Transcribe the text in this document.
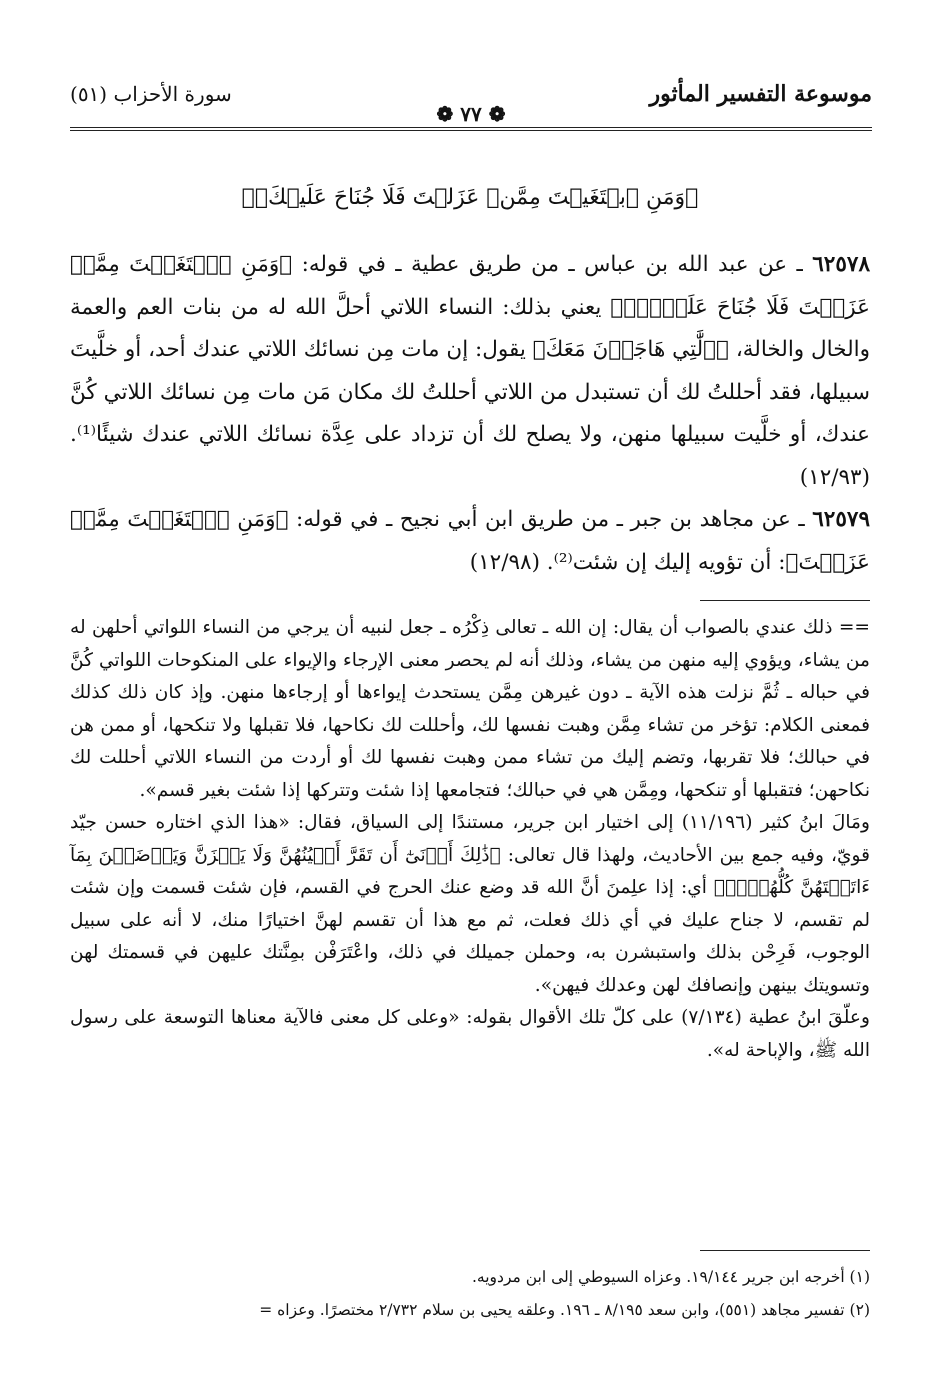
موسوعة التفسير المأثور
سورة الأحزاب (٥١)
❁ ٧٧ ❁
﴿وَمَنِ ٱبۡتَغَيۡتَ مِمَّنۡ عَزَلۡتَ فَلَا جُنَاحَ عَلَيۡكَۚ﴾

٦٢٥٧٨ ـ عن عبد الله بن عباس ـ من طريق عطية ـ في قوله: ﴿وَمَنِ ٱبۡتَغَيۡتَ مِمَّنۡ عَزَلۡتَ فَلَا جُنَاحَ عَلَيۡكَۚ﴾ يعني بذلك: النساء اللاتي أحلَّ الله له من بنات العم والعمة والخال والخالة، ﴿ٱلَّٰتِي هَاجَرۡنَ مَعَكَ﴾ يقول: إن مات مِن نسائك اللاتي عندك أحد، أو خلَّيتَ سبيلها، فقد أحللتُ لك أن تستبدل من اللاتي أحللتُ لك مكان مَن مات مِن نسائك اللاتي كُنَّ عندك، أو خلَّيت سبيلها منهن، ولا يصلح لك أن تزداد على عِدَّة نسائك اللاتي عندك شيئًا⁽¹⁾. (١٢/٩٣)

٦٢٥٧٩ ـ عن مجاهد بن جبر ـ من طريق ابن أبي نجيح ـ في قوله: ﴿وَمَنِ ٱبۡتَغَيۡتَ مِمَّنۡ عَزَلۡتَ﴾: أن تؤويه إليك إن شئت⁽²⁾. (١٢/٩٨)

== ذلك عندي بالصواب أن يقال: إن الله ـ تعالى ذِكْرُه ـ جعل لنبيه أن يرجي من النساء اللواتي أحلهن له من يشاء، ويؤوي إليه منهن من يشاء، وذلك أنه لم يحصر معنى الإرجاء والإيواء على المنكوحات اللواتي كُنَّ في حباله ـ ثُمَّ نزلت هذه الآية ـ دون غيرهن مِمَّن يستحدث إيواءها أو إرجاءها منهن. وإذ كان ذلك كذلك فمعنى الكلام: تؤخر من تشاء مِمَّن وهبت نفسها لك، وأحللت لك نكاحها، فلا تقبلها ولا تنكحها، أو ممن هن في حبالك؛ فلا تقربها، وتضم إليك من تشاء ممن وهبت نفسها لك أو أردت من النساء اللاتي أحللت لك نكاحهن؛ فتقبلها أو تنكحها، ومِمَّن هي في حبالك؛ فتجامعها إذا شئت وتتركها إذا شئت بغير قسم».

ومَالَ ابنُ كثير (١١/١٩٦) إلى اختيار ابن جرير، مستندًا إلى السياق، فقال: «هذا الذي اختاره حسن جيّد قويّ، وفيه جمع بين الأحاديث، ولهذا قال تعالى: ﴿ذَٰلِكَ أَدۡنَىٰٓ أَن تَقَرَّ أَعۡيُنُهُنَّ وَلَا يَحۡزَنَّ وَيَرۡضَيۡنَ بِمَآ ءَاتَيۡتَهُنَّ كُلُّهُنَّۚ﴾ أي: إذا علِمنَ أنَّ الله قد وضع عنك الحرج في القسم، فإن شئت قسمت وإن شئت لم تقسم، لا جناح عليك في أي ذلك فعلت، ثم مع هذا أن تقسم لهنَّ اختيارًا منك، لا أنه على سبيل الوجوب، فَرِحْن بذلك واستبشرن به، وحملن جميلك في ذلك، واعْتَرَفْن بمِنَّتك عليهن في قسمتك لهن وتسويتك بينهن وإنصافك لهن وعدلك فيهن».

وعلّقَ ابنُ عطية (٧/١٣٤) على كلّ تلك الأقوال بقوله: «وعلى كل معنى فالآية معناها التوسعة على رسول الله ﷺ، والإباحة له».

(١) أخرجه ابن جرير ١٩/١٤٤. وعزاه السيوطي إلى ابن مردويه.
(٢) تفسير مجاهد (٥٥١)، وابن سعد ٨/١٩٥ ـ ١٩٦. وعلقه يحيى بن سلام ٢/٧٣٢ مختصرًا. وعزاه =
